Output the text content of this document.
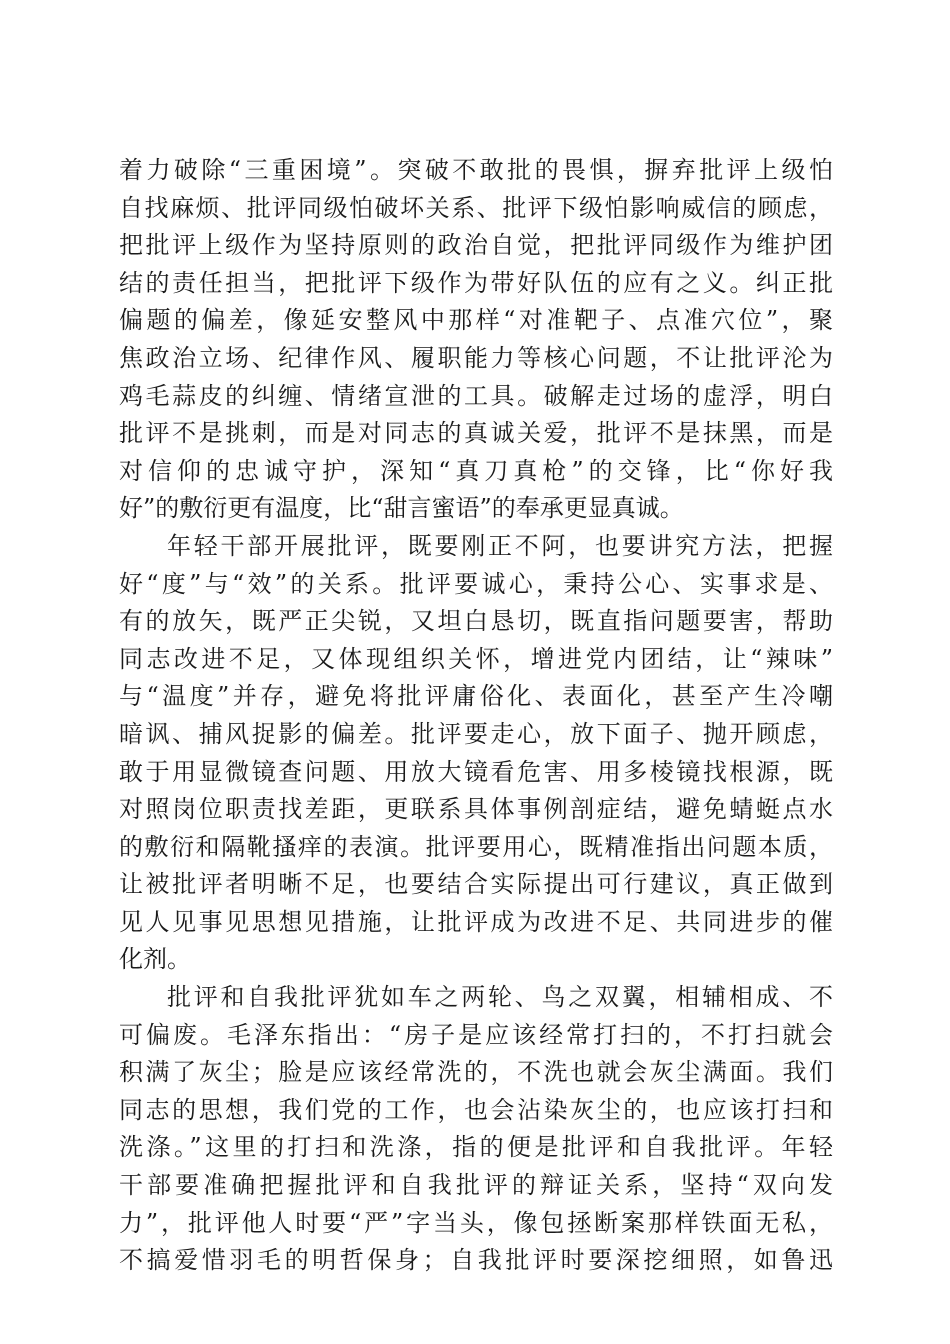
着力破除“三重困境”。突破不敢批的畏惧，摒弃批评上级怕
自找麻烦、批评同级怕破坏关系、批评下级怕影响威信的顾虑，
把批评上级作为坚持原则的政治自觉，把批评同级作为维护团
结的责任担当，把批评下级作为带好队伍的应有之义。纠正批
偏题的偏差，像延安整风中那样“对准靶子、点准穴位”，聚
焦政治立场、纪律作风、履职能力等核心问题，不让批评沦为
鸡毛蒜皮的纠缠、情绪宣泄的工具。破解走过场的虚浮，明白
批评不是挑刺，而是对同志的真诚关爱，批评不是抹黑，而是
对信仰的忠诚守护，深知“真刀真枪”的交锋，比“你好我
好”的敷衍更有温度，比“甜言蜜语”的奉承更显真诚。
年轻干部开展批评，既要刚正不阿，也要讲究方法，把握
好“度”与“效”的关系。批评要诚心，秉持公心、实事求是、
有的放矢，既严正尖锐，又坦白恳切，既直指问题要害，帮助
同志改进不足，又体现组织关怀，增进党内团结，让“辣味”
与“温度”并存，避免将批评庸俗化、表面化，甚至产生冷嘲
暗讽、捕风捉影的偏差。批评要走心，放下面子、抛开顾虑，
敢于用显微镜查问题、用放大镜看危害、用多棱镜找根源，既
对照岗位职责找差距，更联系具体事例剖症结，避免蜻蜓点水
的敷衍和隔靴搔痒的表演。批评要用心，既精准指出问题本质，
让被批评者明晰不足，也要结合实际提出可行建议，真正做到
见人见事见思想见措施，让批评成为改进不足、共同进步的催
化剂。
批评和自我批评犹如车之两轮、鸟之双翼，相辅相成、不
可偏废。毛泽东指出：“房子是应该经常打扫的，不打扫就会
积满了灰尘；脸是应该经常洗的，不洗也就会灰尘满面。我们
同志的思想，我们党的工作，也会沾染灰尘的，也应该打扫和
洗涤。”这里的打扫和洗涤，指的便是批评和自我批评。年轻
干部要准确把握批评和自我批评的辩证关系，坚持“双向发
力”，批评他人时要“严”字当头，像包拯断案那样铁面无私，
不搞爱惜羽毛的明哲保身；自我批评时要深挖细照，如鲁迅
